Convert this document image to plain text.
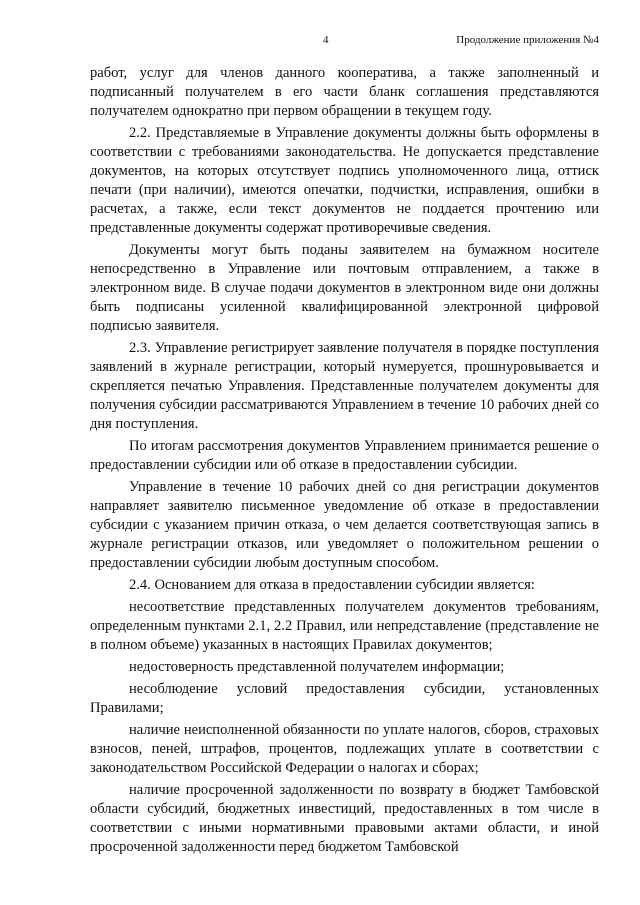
4	Продолжение приложения №4

работ, услуг для членов данного кооператива, а также заполненный и подписанный получателем в его части бланк соглашения представляются получателем однократно при первом обращении в текущем году.

2.2. Представляемые в Управление документы должны быть оформлены в соответствии с требованиями законодательства. Не допускается представление документов, на которых отсутствует подпись уполномоченного лица, оттиск печати (при наличии), имеются опечатки, подчистки, исправления, ошибки в расчетах, а также, если текст документов не поддается прочтению или представленные документы содержат противоречивые сведения.

Документы могут быть поданы заявителем на бумажном носителе непосредственно в Управление или почтовым отправлением, а также в электронном виде. В случае подачи документов в электронном виде они должны быть подписаны усиленной квалифицированной электронной цифровой подписью заявителя.

2.3. Управление регистрирует заявление получателя в порядке поступления заявлений в журнале регистрации, который нумеруется, прошнуровывается и скрепляется печатью Управления. Представленные получателем документы для получения субсидии рассматриваются Управлением в течение 10 рабочих дней со дня поступления.

По итогам рассмотрения документов Управлением принимается решение о предоставлении субсидии или об отказе в предоставлении субсидии.

Управление в течение 10 рабочих дней со дня регистрации документов направляет заявителю письменное уведомление об отказе в предоставлении субсидии с указанием причин отказа, о чем делается соответствующая запись в журнале регистрации отказов, или уведомляет о положительном решении о предоставлении субсидии любым доступным способом.

2.4. Основанием для отказа в предоставлении субсидии является:

несоответствие представленных получателем документов требованиям, определенным пунктами 2.1, 2.2 Правил, или непредставление (представление не в полном объеме) указанных в настоящих Правилах документов;

недостоверность представленной получателем информации;

несоблюдение условий предоставления субсидии, установленных Правилами;

наличие неисполненной обязанности по уплате налогов, сборов, страховых взносов, пеней, штрафов, процентов, подлежащих уплате в соответствии с законодательством Российской Федерации о налогах и сборах;

наличие просроченной задолженности по возврату в бюджет Тамбовской области субсидий, бюджетных инвестиций, предоставленных в том числе в соответствии с иными нормативными правовыми актами области, и иной просроченной задолженности перед бюджетом Тамбовской
